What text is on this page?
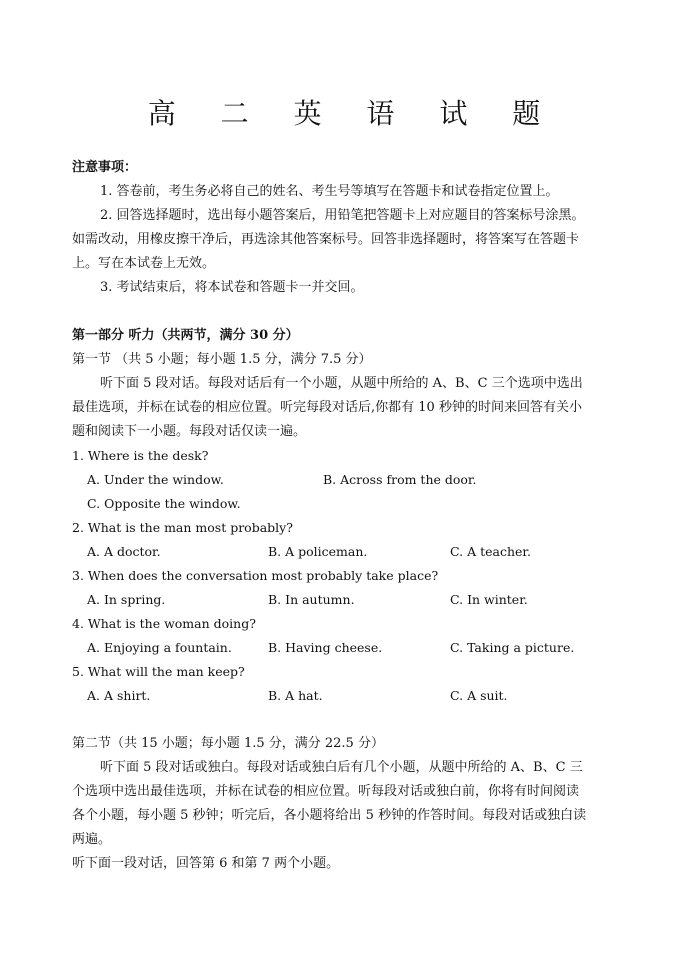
高 二 英 语 试 题
注意事项：
1. 答卷前，考生务必将自己的姓名、考生号等填写在答题卡和试卷指定位置上。
2. 回答选择题时，选出每小题答案后，用铅笔把答题卡上对应题目的答案标号涂黑。
如需改动，用橡皮擦干净后，再选涂其他答案标号。回答非选择题时，将答案写在答题卡
上。写在本试卷上无效。
3. 考试结束后，将本试卷和答题卡一并交回。
第一部分 听力（共两节，满分 30 分）
第一节 （共 5 小题；每小题 1.5 分，满分 7.5 分）
听下面 5 段对话。每段对话后有一个小题，从题中所给的 A、B、C 三个选项中选出
最佳选项，并标在试卷的相应位置。听完每段对话后,你都有 10 秒钟的时间来回答有关小
题和阅读下一小题。每段对话仅读一遍。
1. Where is the desk?
A. Under the window.	B. Across from the door.
C. Opposite the window.
2. What is the man most probably?
A. A doctor.	B. A policeman.	C. A teacher.
3. When does the conversation most probably take place?
A. In spring.	B. In autumn.	C. In winter.
4. What is the woman doing?
A. Enjoying a fountain.	B. Having cheese.	C. Taking a picture.
5. What will the man keep?
A. A shirt.	B. A hat.	C. A suit.
第二节（共 15 小题；每小题 1.5 分，满分 22.5 分）
听下面 5 段对话或独白。每段对话或独白后有几个小题，从题中所给的 A、B、C 三
个选项中选出最佳选项，并标在试卷的相应位置。听每段对话或独白前，你将有时间阅读
各个小题，每小题 5 秒钟；听完后，各小题将给出 5 秒钟的作答时间。每段对话或独白读
两遍。
听下面一段对话，回答第 6 和第 7 两个小题。
